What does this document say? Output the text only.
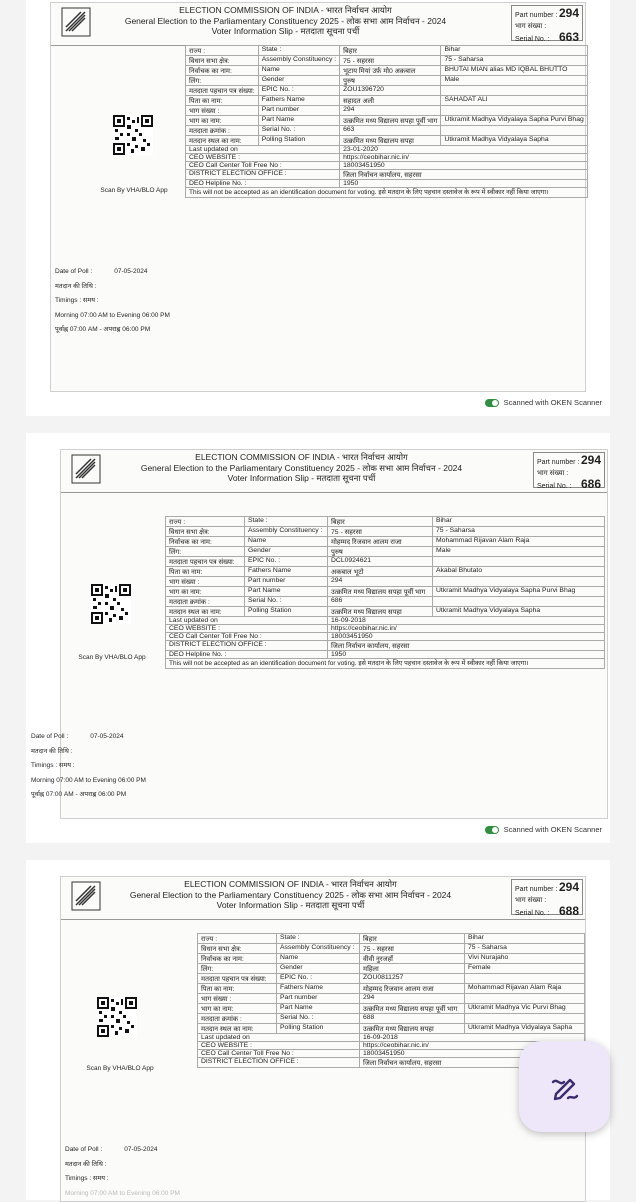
ELECTION COMMISSION OF INDIA - भारत निर्वाचन आयोग
General Election to the Parliamentary Constituency 2025 - लोक सभा आम निर्वाचन - 2024
Voter Information Slip - मतदाता सूचना पर्ची
Part number : 294
भाग संख्या :
Serial No. : 663
Scan By VHA/BLO App
राज्य :	State :	बिहार	Bihar
विधान सभा क्षेत्र:	Assembly Constituency :	75 - सहरसा	75 - Saharsa
निर्वाचक का नाम:	Name	भूटाय मियां उर्फ़ मो0 अक़बाल	BHUTAI MIAN alias MD IQBAL BHUTTO
लिंग:	Gender	पुरुष	Male
मतदाता पहचान पत्र संख्या:	EPIC No. :	ZOU1396720	
पिता का नाम:	Fathers Name	सहादत अली	SAHADAT ALI
भाग संख्या :	Part number	294	
भाग का नाम:	Part Name	उत्क्रमित मध्य विद्यालय सपहा पूर्वी भाग	Utkramit Madhya Vidyalaya Sapha Purvi Bhag
मतदाता क्रमांक :	Serial No. :	663	
मतदान स्थल का नाम:	Polling Station	उत्क्रमित मध्य विद्यालय सपहा	Utkramit Madhya Vidyalaya Sapha
Last updated on		23-01-2020	
CEO WEBSITE :		https://ceobihar.nic.in/	
CEO Call Center Toll Free No :		18003451950	
DISTRICT ELECTION OFFICE :		जिला निर्वाचन कार्यालय, सहरसा	
DEO Helpline No. :		1950	
This will not be accepted as an identification document for voting. इसे मतदान के लिए पहचान दस्तावेज के रूप में स्वीकार नहीं किया जाएगा।			
Date of Poll :	07-05-2024
मतदान की तिथि :
Timings : समय :
Morning 07:00 AM to Evening 06:00 PM
पूर्वाह्न 07:00 AM - अपराह्न 06:00 PM
Scanned with OKEN Scanner
ELECTION COMMISSION OF INDIA - भारत निर्वाचन आयोग
General Election to the Parliamentary Constituency 2025 - लोक सभा आम निर्वाचन - 2024
Voter Information Slip - मतदाता सूचना पर्ची
Part number : 294
भाग संख्या :
Serial No. : 686
Scan By VHA/BLO App
राज्य :	State :	बिहार	Bihar
विधान सभा क्षेत्र:	Assembly Constituency :	75 - सहरसा	75 - Saharsa
निर्वाचक का नाम:	Name	मोहम्मद रिजवान आलम राजा	Mohammad Rijavan Alam Raja
लिंग:	Gender	पुरुष	Male
मतदाता पहचान पत्र संख्या:	EPIC No. :	DCL0924621	
पिता का नाम:	Fathers Name	अकबाल भूटो	Akabal Bhutato
भाग संख्या :	Part number	294	
भाग का नाम:	Part Name	उत्क्रमित मध्य विद्यालय सपहा पूर्वी भाग	Utkramit Madhya Vidyalaya Sapha Purvi Bhag
मतदाता क्रमांक :	Serial No. :	686	
मतदान स्थल का नाम:	Polling Station	उत्क्रमित मध्य विद्यालय सपहा	Utkramit Madhya Vidyalaya Sapha
Last updated on		16-09-2018	
CEO WEBSITE :		https://ceobihar.nic.in/	
CEO Call Center Toll Free No :		18003451950	
DISTRICT ELECTION OFFICE :		जिला निर्वाचन कार्यालय, सहरसा	
DEO Helpline No. :		1950	
This will not be accepted as an identification document for voting. इसे मतदान के लिए पहचान दस्तावेज के रूप में स्वीकार नहीं किया जाएगा।			
Date of Poll :	07-05-2024
मतदान की तिथि :
Timings : समय :
Morning 07:00 AM to Evening 06:00 PM
पूर्वाह्न 07:00 AM - अपराह्न 06:00 PM
Scanned with OKEN Scanner
ELECTION COMMISSION OF INDIA - भारत निर्वाचन आयोग
General Election to the Parliamentary Constituency 2025 - लोक सभा आम निर्वाचन - 2024
Voter Information Slip - मतदाता सूचना पर्ची
Part number : 294
भाग संख्या :
Serial No. : 688
Scan By VHA/BLO App
राज्य :	State :	बिहार	Bihar
विधान सभा क्षेत्र:	Assembly Constituency :	75 - सहरसा	75 - Saharsa
निर्वाचक का नाम:	Name	वीवी नुरजहाँ	Vivi Nurajaho
लिंग:	Gender	महिला	Female
मतदाता पहचान पत्र संख्या:	EPIC No. :	ZOU0811257	
पिता का नाम:	Fathers Name	मोहम्मद रिजवान आलम राजा	Mohammad Rijavan Alam Raja
भाग संख्या :	Part number	294	
भाग का नाम:	Part Name	उत्क्रमित मध्य विद्यालय सपहा पूर्वी भाग	Utkramit Madhya Vic Purvi Bhag
मतदाता क्रमांक :	Serial No. :	688	
मतदान स्थल का नाम:	Polling Station	उत्क्रमित मध्य विद्यालय सपहा	Utkramit Madhya Vidyalaya Sapha
Last updated on		16-09-2018	
CEO WEBSITE :		https://ceobihar.nic.in/	
CEO Call Center Toll Free No :		18003451950	
DISTRICT ELECTION OFFICE :		जिला निर्वाचन कार्यालय, सहरसा	
Date of Poll :	07-05-2024
मतदान की तिथि :
Timings : समय :
Morning 07:00 AM to Evening 06:00 PM
